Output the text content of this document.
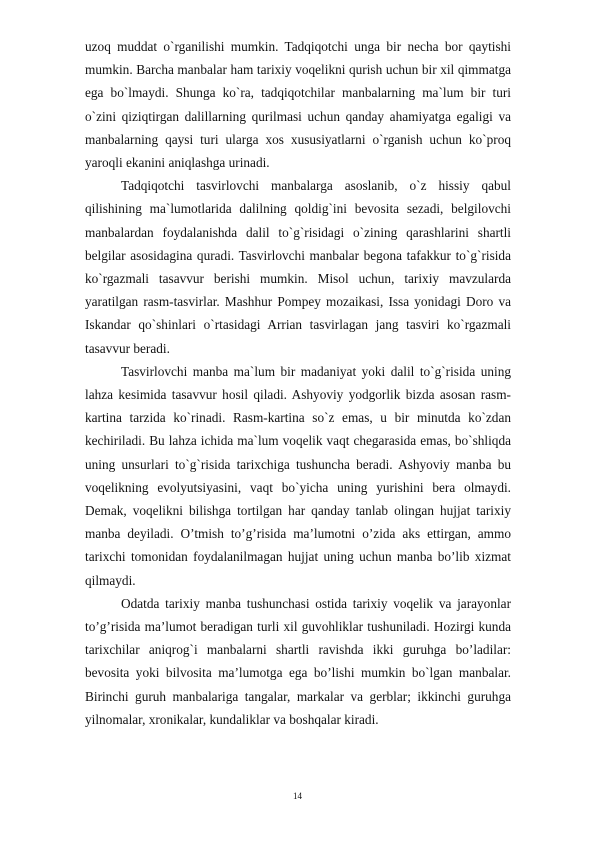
uzoq muddat o`rganilishi mumkin. Tadqiqotchi unga bir necha bor qaytishi mumkin. Barcha manbalar ham tarixiy voqelikni qurish uchun bir xil qimmatga ega bo`lmaydi. Shunga ko`ra, tadqiqotchilar manbalarning ma`lum bir turi o`zini qiziqtirgan dalillarning qurilmasi uchun qanday ahamiyatga egaligi va manbalarning qaysi turi ularga xos xususiyatlarni o`rganish uchun ko`proq yaroqli ekanini aniqlashga urinadi.

Tadqiqotchi tasvirlovchi manbalarga asoslanib, o`z hissiy qabul qilishining ma`lumotlarida dalilning qoldig`ini bevosita sezadi, belgilovchi manbalardan foydalanishda dalil to`g`risidagi o`zining qarashlarini shartli belgilar asosidagina quradi. Tasvirlovchi manbalar begona tafakkur to`g`risida ko`rgazmali tasavvur berishi mumkin. Misol uchun, tarixiy mavzularda yaratilgan rasm-tasvirlar. Mashhur Pompey mozaikasi, Issa yonidagi Doro va Iskandar qo`shinlari o`rtasidagi Arrian tasvirlagan jang tasviri ko`rgazmali tasavvur beradi.

Tasvirlovchi manba ma`lum bir madaniyat yoki dalil to`g`risida uning lahza kesimida tasavvur hosil qiladi. Ashyoviy yodgorlik bizda asosan rasm-kartina tarzida ko`rinadi. Rasm-kartina so`z emas, u bir minutda ko`zdan kechiriladi. Bu lahza ichida ma`lum voqelik vaqt chegarasida emas, bo`shliqda uning unsurlari to`g`risida tarixchiga tushuncha beradi. Ashyoviy manba bu voqelikning evolyutsiyasini, vaqt bo`yicha uning yurishini bera olmaydi. Demak, voqelikni bilishga tortilgan har qanday tanlab olingan hujjat tarixiy manba deyiladi. O’tmish to’g’risida ma’lumotni o’zida aks ettirgan, ammo tarixchi tomonidan foydalanilmagan hujjat uning uchun manba bo’lib xizmat qilmaydi.

Odatda tarixiy manba tushunchasi ostida tarixiy voqelik va jarayonlar to’g’risida ma’lumot beradigan turli xil guvohliklar tushuniladi. Hozirgi kunda tarixchilar aniqrog`i manbalarni shartli ravishda ikki guruhga bo’ladilar: bevosita yoki bilvosita ma’lumotga ega bo’lishi mumkin bo`lgan manbalar. Birinchi guruh manbalariga tangalar, markalar va gerblar; ikkinchi guruhga yilnomalar, xronikalar, kundaliklar va boshqalar kiradi.

14
